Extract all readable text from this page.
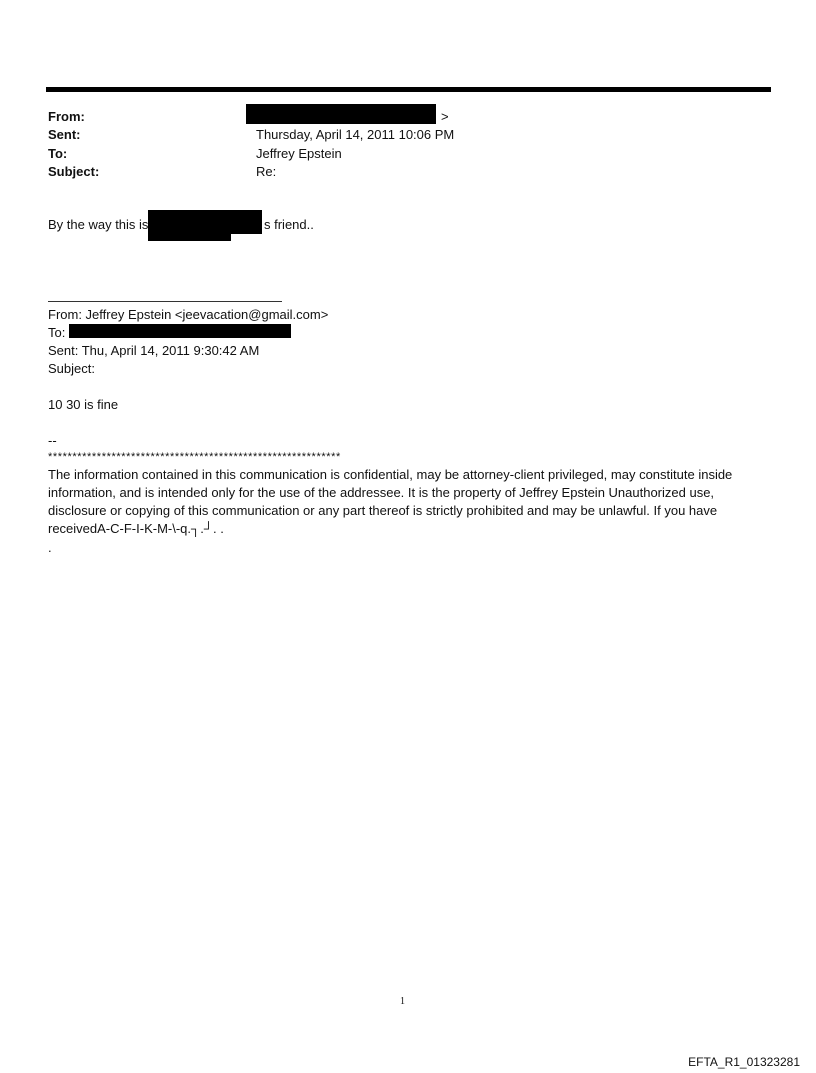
From:	>
Sent:	Thursday, April 14, 2011 10:06 PM
To:	Jeffrey Epstein
Subject:	Re:
By the way this is	s friend..
From: Jeffrey Epstein <jeevacation@gmail.com>
To:
Sent: Thu, April 14, 2011 9:30:42 AM
Subject:
10 30 is fine
--
************************************************************
The information contained in this communication is confidential, may be attorney-client privileged, may constitute inside information, and is intended only for the use of the addressee. It is the property of Jeffrey Epstein Unauthorized use, disclosure or copying of this communication or any part thereof is strictly prohibited and may be unlawful. If you have receivedA-C-F-I-K-M-\-q.┐.┘. .
.
1
EFTA_R1_01323281
